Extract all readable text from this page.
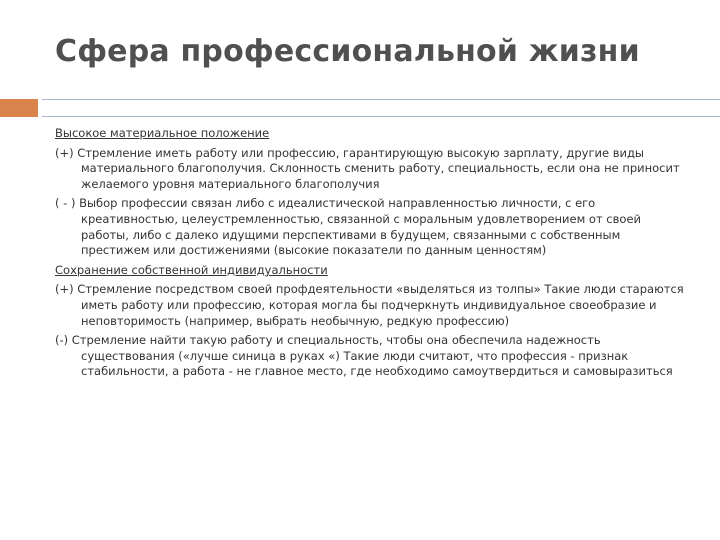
Сфера профессиональной жизни
Высокое материальное положение
(+) Стремление иметь работу или профессию, гарантирующую высокую зарплату, другие виды материального благополучия. Склонность сменить работу, специальность, если она не приносит желаемого уровня материального благополучия
( ‑ ) Выбор профессии связан либо с идеалистической направленностью личности, с его креативностью, целеустремленностью, связанной с моральным удовлетворением от своей работы, либо с далеко идущими перспективами в будущем, связанными с собственным престижем или достижениями (высокие показатели по данным ценностям)
Сохранение собственной индивидуальности
(+) Стремление посредством своей профдеятельности «выделяться из толпы» Такие люди стараются иметь работу или профессию, которая могла бы подчеркнуть индивидуальное своеобразие и неповторимость (например, выбрать необычную, редкую профессию)
(-) Стремление найти такую работу и специальность, чтобы она обеспечила надежность существования («лучше синица в руках «) Такие люди считают, что профессия - признак стабильности, а работа - не главное место, где необходимо самоутвердиться и самовыразиться
